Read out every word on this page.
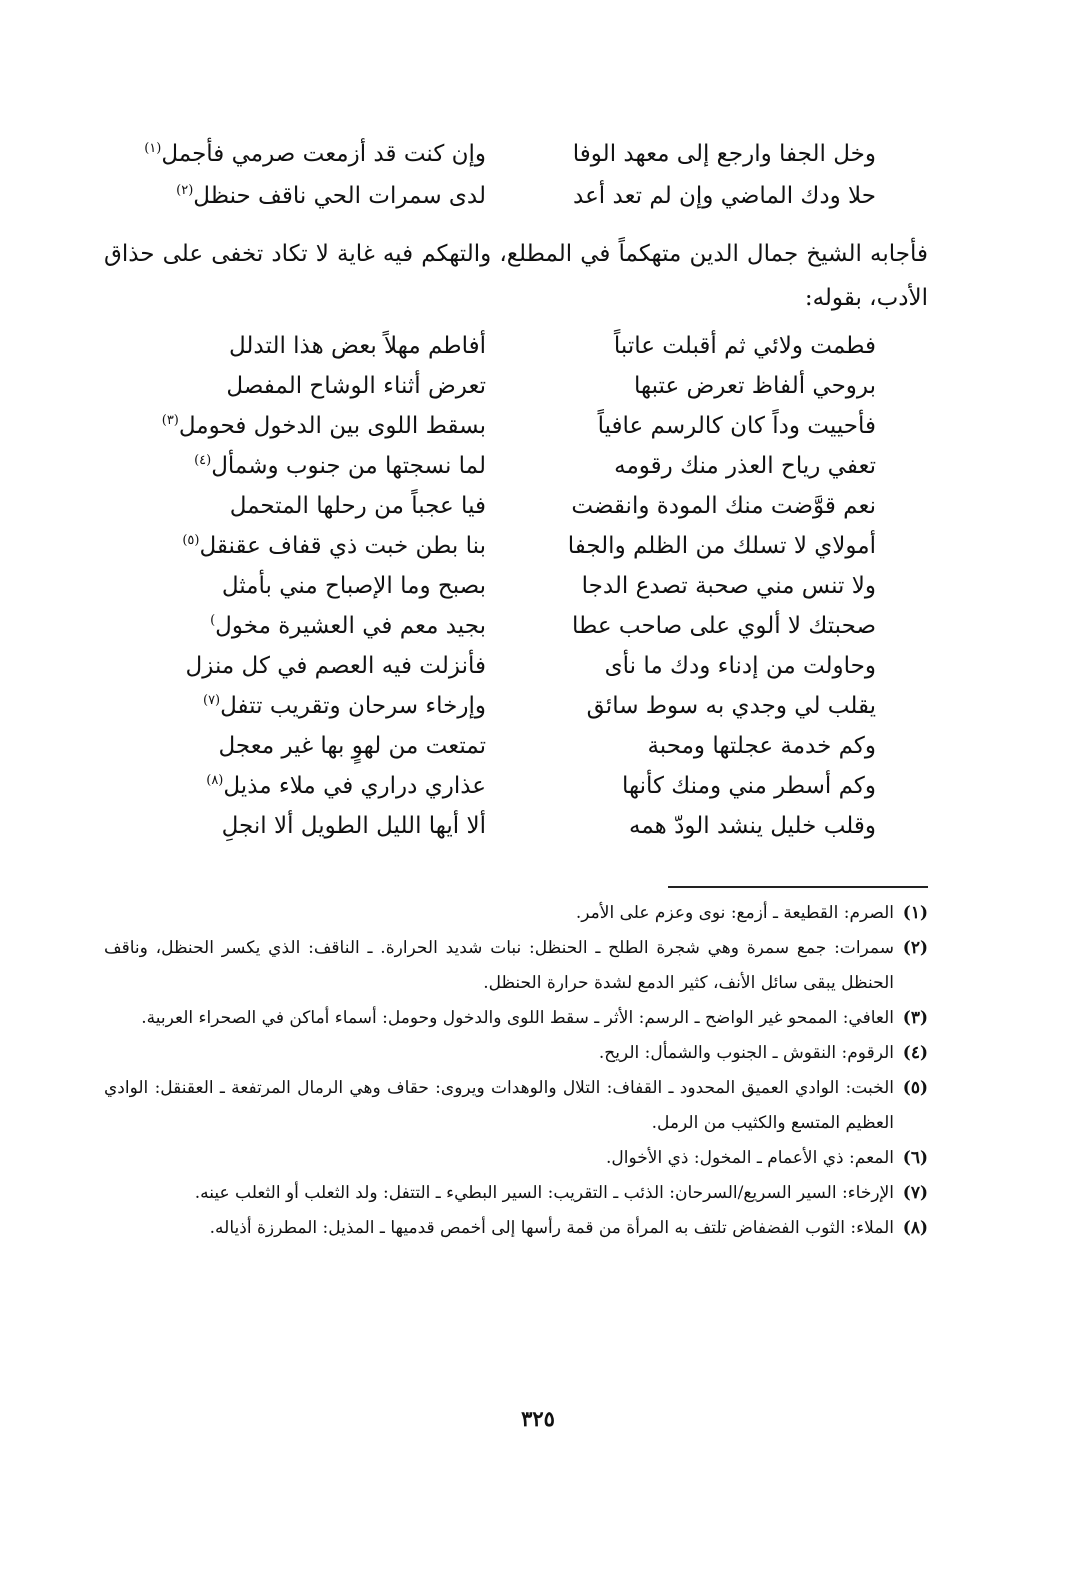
وخل الجفا وارجع إلى معهد الوفا
وإن كنت قد أزمعت صرمي فأجمل$^{(١)}$
حلا ودك الماضي وإن لم تعد أعد
لدى سمرات الحي ناقف حنظل$^{(٢)}$
فأجابه الشيخ جمال الدين متهكماً في المطلع، والتهكم فيه غاية لا تكاد تخفى على حذاق الأدب، بقوله:
فطمت ولائي ثم أقبلت عاتباً
أفاطم مهلاً بعض هذا التدلل
بروحي ألفاظ تعرض عتبها
تعرض أثناء الوشاح المفصل
فأحييت وداً كان كالرسم عافياً
بسقط اللوى بين الدخول فحومل$^{(٣)}$
تعفي رياح العذر منك رقومه
لما نسجتها من جنوب وشمأل$^{(٤)}$
نعم قوَّضت منك المودة وانقضت
فيا عجباً من رحلها المتحمل
أمولاي لا تسلك من الظلم والجفا
بنا بطن خبت ذي قفاف عقنقل$^{(٥)}$
ولا تنس مني صحبة تصدع الدجا
بصبح وما الإصباح مني بأمثل
صحبتك لا ألوي على صاحب عطا
بجيد معم في العشيرة مخول)
وحاولت من إدناء ودك ما نأى
فأنزلت فيه العصم في كل منزل
يقلب لي وجدي به سوط سائق
وإرخاء سرحان وتقريب تتفل$^{(٧)}$
وكم خدمة عجلتها ومحبة
تمتعت من لهوٍ بها غير معجل
وكم أسطر مني ومنك كأنها
عذاري دراري في ملاء مذيل$^{(٨)}$
وقلب خليل ينشد الودّ همه
ألا أيها الليل الطويل ألا انجلِ
(١)
الصرم: القطيعة ـ أزمع: نوى وعزم على الأمر.
(٢)
سمرات: جمع سمرة وهي شجرة الطلح ـ الحنظل: نبات شديد الحرارة. ـ الناقف: الذي يكسر الحنظل، وناقف الحنظل يبقى سائل الأنف، كثير الدمع لشدة حرارة الحنظل.
(٣)
العافي: الممحو غير الواضح ـ الرسم: الأثر ـ سقط اللوى والدخول وحومل: أسماء أماكن في الصحراء العربية.
(٤)
الرقوم: النقوش ـ الجنوب والشمأل: الريح.
(٥)
الخبت: الوادي العميق المحدود ـ القفاف: التلال والوهدات ويروى: حقاف وهي الرمال المرتفعة ـ العقنقل: الوادي العظيم المتسع والكثيب من الرمل.
(٦)
المعم: ذي الأعمام ـ المخول: ذي الأخوال.
(٧)
الإرخاء: السير السريع/السرحان: الذئب ـ التقريب: السير البطيء ـ التتفل: ولد الثعلب أو الثعلب عينه.
(٨)
الملاء: الثوب الفضفاض تلتف به المرأة من قمة رأسها إلى أخمص قدميها ـ المذيل: المطرزة أذياله.
٣٢٥
